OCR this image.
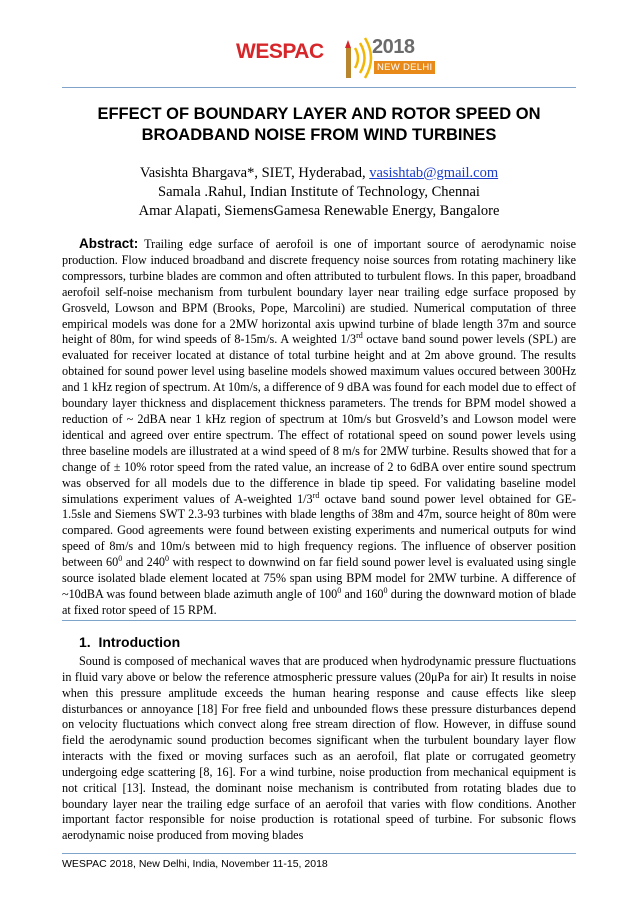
WESPAC 2018
NEW DELHI
EFFECT OF BOUNDARY LAYER AND ROTOR SPEED ON
BROADBAND NOISE FROM WIND TURBINES
Vasishta Bhargava*, SIET, Hyderabad, vasishtab@gmail.com
Samala .Rahul, Indian Institute of Technology, Chennai
Amar Alapati, SiemensGamesa Renewable Energy, Bangalore
Abstract: Trailing edge surface of aerofoil is one of important source of aerodynamic noise production. Flow induced broadband and discrete frequency noise sources from rotating machinery like compressors, turbine blades are common and often attributed to turbulent flows. In this paper, broadband aerofoil self-noise mechanism from turbulent boundary layer near trailing edge surface proposed by Grosveld, Lowson and BPM (Brooks, Pope, Marcolini) are studied. Numerical computation of three empirical models was done for a 2MW horizontal axis upwind turbine of blade length 37m and source height of 80m, for wind speeds of 8-15m/s. A weighted 1/3rd octave band sound power levels (SPL) are evaluated for receiver located at distance of total turbine height and at 2m above ground. The results obtained for sound power level using baseline models showed maximum values occured between 300Hz and 1 kHz region of spectrum. At 10m/s, a difference of 9 dBA was found for each model due to effect of boundary layer thickness and displacement thickness parameters. The trends for BPM model showed a reduction of ~ 2dBA near 1 kHz region of spectrum at 10m/s but Grosveld’s and Lowson model were identical and agreed over entire spectrum. The effect of rotational speed on sound power levels using three baseline models are illustrated at a wind speed of 8 m/s for 2MW turbine. Results showed that for a change of ± 10% rotor speed from the rated value, an increase of 2 to 6dBA over entire sound spectrum was observed for all models due to the difference in blade tip speed. For validating baseline model simulations experiment values of A-weighted 1/3rd octave band sound power level obtained for GE-1.5sle and Siemens SWT 2.3-93 turbines with blade lengths of 38m and 47m, source height of 80m were compared. Good agreements were found between existing experiments and numerical outputs for wind speed of 8m/s and 10m/s between mid to high frequency regions. The influence of observer position between $60^0$ and $240^0$ with respect to downwind on far field sound power level is evaluated using single source isolated blade element located at 75% span using BPM model for 2MW turbine. A difference of ~10dBA was found between blade azimuth angle of $100^0$ and $160^0$ during the downward motion of blade at fixed rotor speed of 15 RPM.
1. Introduction
Sound is composed of mechanical waves that are produced when hydrodynamic pressure fluctuations in fluid vary above or below the reference atmospheric pressure values (20μPa for air) It results in noise when this pressure amplitude exceeds the human hearing response and cause effects like sleep disturbances or annoyance [18] For free field and unbounded flows these pressure disturbances depend on velocity fluctuations which convect along free stream direction of flow. However, in diffuse sound field the aerodynamic sound production becomes significant when the turbulent boundary layer flow interacts with the fixed or moving surfaces such as an aerofoil, flat plate or corrugated geometry undergoing edge scattering [8, 16]. For a wind turbine, noise production from mechanical equipment is not critical [13]. Instead, the dominant noise mechanism is contributed from rotating blades due to boundary layer near the trailing edge surface of an aerofoil that varies with flow conditions. Another important factor responsible for noise production is rotational speed of turbine. For subsonic flows aerodynamic noise produced from moving blades
WESPAC 2018, New Delhi, India, November 11-15, 2018
